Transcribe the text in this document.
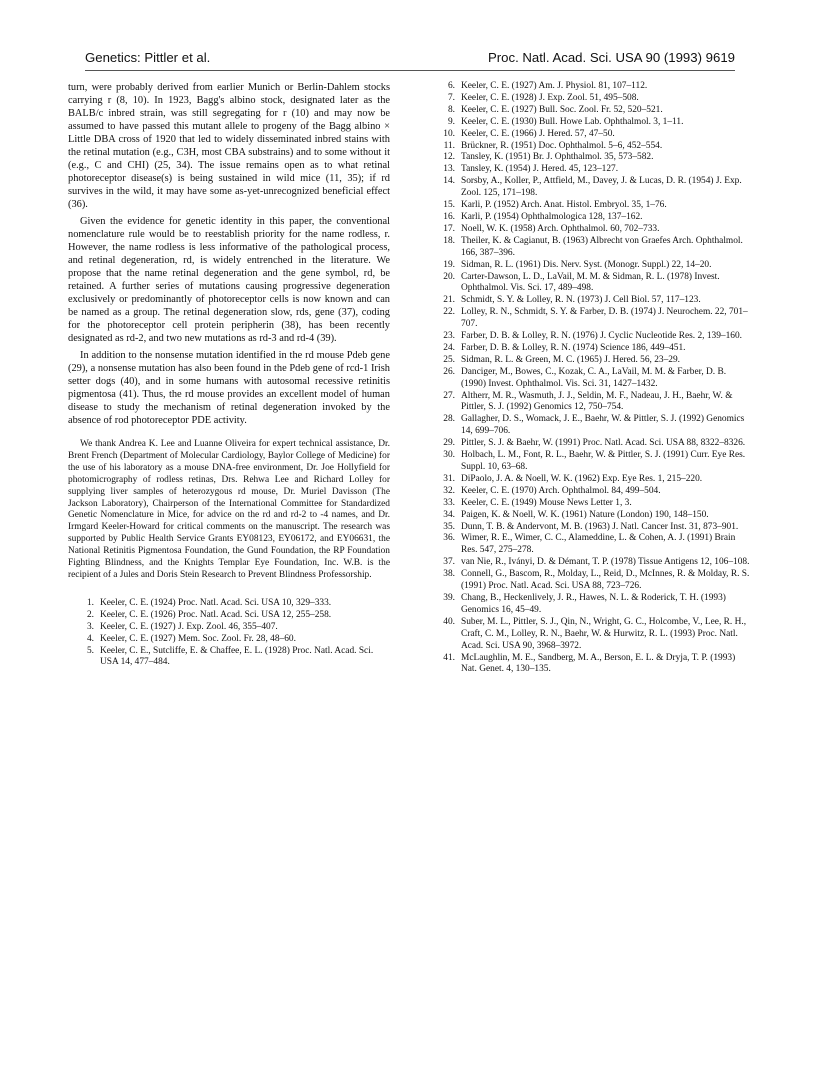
Genetics: Pittler et al.	Proc. Natl. Acad. Sci. USA 90 (1993) 9619

turn, were probably derived from earlier Munich or Berlin-Dahlem stocks carrying r (8, 10). In 1923, Bagg's albino stock, designated later as the BALB/c inbred strain, was still segregating for r (10) and may now be assumed to have passed this mutant allele to progeny of the Bagg albino × Little DBA cross of 1920 that led to widely disseminated inbred stains with the retinal mutation (e.g., C3H, most CBA substrains) and to some without it (e.g., C and CHI) (25, 34). The issue remains open as to what retinal photoreceptor disease(s) is being sustained in wild mice (11, 35); if rd survives in the wild, it may have some as-yet-unrecognized beneficial effect (36).

Given the evidence for genetic identity in this paper, the conventional nomenclature rule would be to reestablish priority for the name rodless, r. However, the name rodless is less informative of the pathological process, and retinal degeneration, rd, is widely entrenched in the literature. We propose that the name retinal degeneration and the gene symbol, rd, be retained. A further series of mutations causing progressive degeneration exclusively or predominantly of photoreceptor cells is now known and can be named as a group. The retinal degeneration slow, rds, gene (37), coding for the photoreceptor cell protein peripherin (38), has been recently designated as rd-2, and two new mutations as rd-3 and rd-4 (39).

In addition to the nonsense mutation identified in the rd mouse Pdeb gene (29), a nonsense mutation has also been found in the Pdeb gene of rcd-1 Irish setter dogs (40), and in some humans with autosomal recessive retinitis pigmentosa (41). Thus, the rd mouse provides an excellent model of human disease to study the mechanism of retinal degeneration invoked by the absence of rod photoreceptor PDE activity.

We thank Andrea K. Lee and Luanne Oliveira for expert technical assistance, Dr. Brent French (Department of Molecular Cardiology, Baylor College of Medicine) for the use of his laboratory as a mouse DNA-free environment, Dr. Joe Hollyfield for photomicrography of rodless retinas, Drs. Rehwa Lee and Richard Lolley for supplying liver samples of heterozygous rd mouse, Dr. Muriel Davisson (The Jackson Laboratory), Chairperson of the International Committee for Standardized Genetic Nomenclature in Mice, for advice on the rd and rd-2 to -4 names, and Dr. Irmgard Keeler-Howard for critical comments on the manuscript. The research was supported by Public Health Service Grants EY08123, EY06172, and EY06631, the National Retinitis Pigmentosa Foundation, the Gund Foundation, the RP Foundation Fighting Blindness, and the Knights Templar Eye Foundation, Inc. W.B. is the recipient of a Jules and Doris Stein Research to Prevent Blindness Professorship.

1. Keeler, C. E. (1924) Proc. Natl. Acad. Sci. USA 10, 329–333.
2. Keeler, C. E. (1926) Proc. Natl. Acad. Sci. USA 12, 255–258.
3. Keeler, C. E. (1927) J. Exp. Zool. 46, 355–407.
4. Keeler, C. E. (1927) Mem. Soc. Zool. Fr. 28, 48–60.
5. Keeler, C. E., Sutcliffe, E. & Chaffee, E. L. (1928) Proc. Natl. Acad. Sci. USA 14, 477–484.
6. Keeler, C. E. (1927) Am. J. Physiol. 81, 107–112.
7. Keeler, C. E. (1928) J. Exp. Zool. 51, 495–508.
8. Keeler, C. E. (1927) Bull. Soc. Zool. Fr. 52, 520–521.
9. Keeler, C. E. (1930) Bull. Howe Lab. Ophthalmol. 3, 1–11.
10. Keeler, C. E. (1966) J. Hered. 57, 47–50.
11. Brückner, R. (1951) Doc. Ophthalmol. 5–6, 452–554.
12. Tansley, K. (1951) Br. J. Ophthalmol. 35, 573–582.
13. Tansley, K. (1954) J. Hered. 45, 123–127.
14. Sorsby, A., Koller, P., Attfield, M., Davey, J. & Lucas, D. R. (1954) J. Exp. Zool. 125, 171–198.
15. Karli, P. (1952) Arch. Anat. Histol. Embryol. 35, 1–76.
16. Karli, P. (1954) Ophthalmologica 128, 137–162.
17. Noell, W. K. (1958) Arch. Ophthalmol. 60, 702–733.
18. Theiler, K. & Cagianut, B. (1963) Albrecht von Graefes Arch. Ophthalmol. 166, 387–396.
19. Sidman, R. L. (1961) Dis. Nerv. Syst. (Monogr. Suppl.) 22, 14–20.
20. Carter-Dawson, L. D., LaVail, M. M. & Sidman, R. L. (1978) Invest. Ophthalmol. Vis. Sci. 17, 489–498.
21. Schmidt, S. Y. & Lolley, R. N. (1973) J. Cell Biol. 57, 117–123.
22. Lolley, R. N., Schmidt, S. Y. & Farber, D. B. (1974) J. Neurochem. 22, 701–707.
23. Farber, D. B. & Lolley, R. N. (1976) J. Cyclic Nucleotide Res. 2, 139–160.
24. Farber, D. B. & Lolley, R. N. (1974) Science 186, 449–451.
25. Sidman, R. L. & Green, M. C. (1965) J. Hered. 56, 23–29.
26. Danciger, M., Bowes, C., Kozak, C. A., LaVail, M. M. & Farber, D. B. (1990) Invest. Ophthalmol. Vis. Sci. 31, 1427–1432.
27. Altherr, M. R., Wasmuth, J. J., Seldin, M. F., Nadeau, J. H., Baehr, W. & Pittler, S. J. (1992) Genomics 12, 750–754.
28. Gallagher, D. S., Womack, J. E., Baehr, W. & Pittler, S. J. (1992) Genomics 14, 699–706.
29. Pittler, S. J. & Baehr, W. (1991) Proc. Natl. Acad. Sci. USA 88, 8322–8326.
30. Holbach, L. M., Font, R. L., Baehr, W. & Pittler, S. J. (1991) Curr. Eye Res. Suppl. 10, 63–68.
31. DiPaolo, J. A. & Noell, W. K. (1962) Exp. Eye Res. 1, 215–220.
32. Keeler, C. E. (1970) Arch. Ophthalmol. 84, 499–504.
33. Keeler, C. E. (1949) Mouse News Letter 1, 3.
34. Paigen, K. & Noell, W. K. (1961) Nature (London) 190, 148–150.
35. Dunn, T. B. & Andervont, M. B. (1963) J. Natl. Cancer Inst. 31, 873–901.
36. Wimer, R. E., Wimer, C. C., Alameddine, L. & Cohen, A. J. (1991) Brain Res. 547, 275–278.
37. van Nie, R., Iványi, D. & Démant, T. P. (1978) Tissue Antigens 12, 106–108.
38. Connell, G., Bascom, R., Molday, L., Reid, D., McInnes, R. & Molday, R. S. (1991) Proc. Natl. Acad. Sci. USA 88, 723–726.
39. Chang, B., Heckenlively, J. R., Hawes, N. L. & Roderick, T. H. (1993) Genomics 16, 45–49.
40. Suber, M. L., Pittler, S. J., Qin, N., Wright, G. C., Holcombe, V., Lee, R. H., Craft, C. M., Lolley, R. N., Baehr, W. & Hurwitz, R. L. (1993) Proc. Natl. Acad. Sci. USA 90, 3968–3972.
41. McLaughlin, M. E., Sandberg, M. A., Berson, E. L. & Dryja, T. P. (1993) Nat. Genet. 4, 130–135.
